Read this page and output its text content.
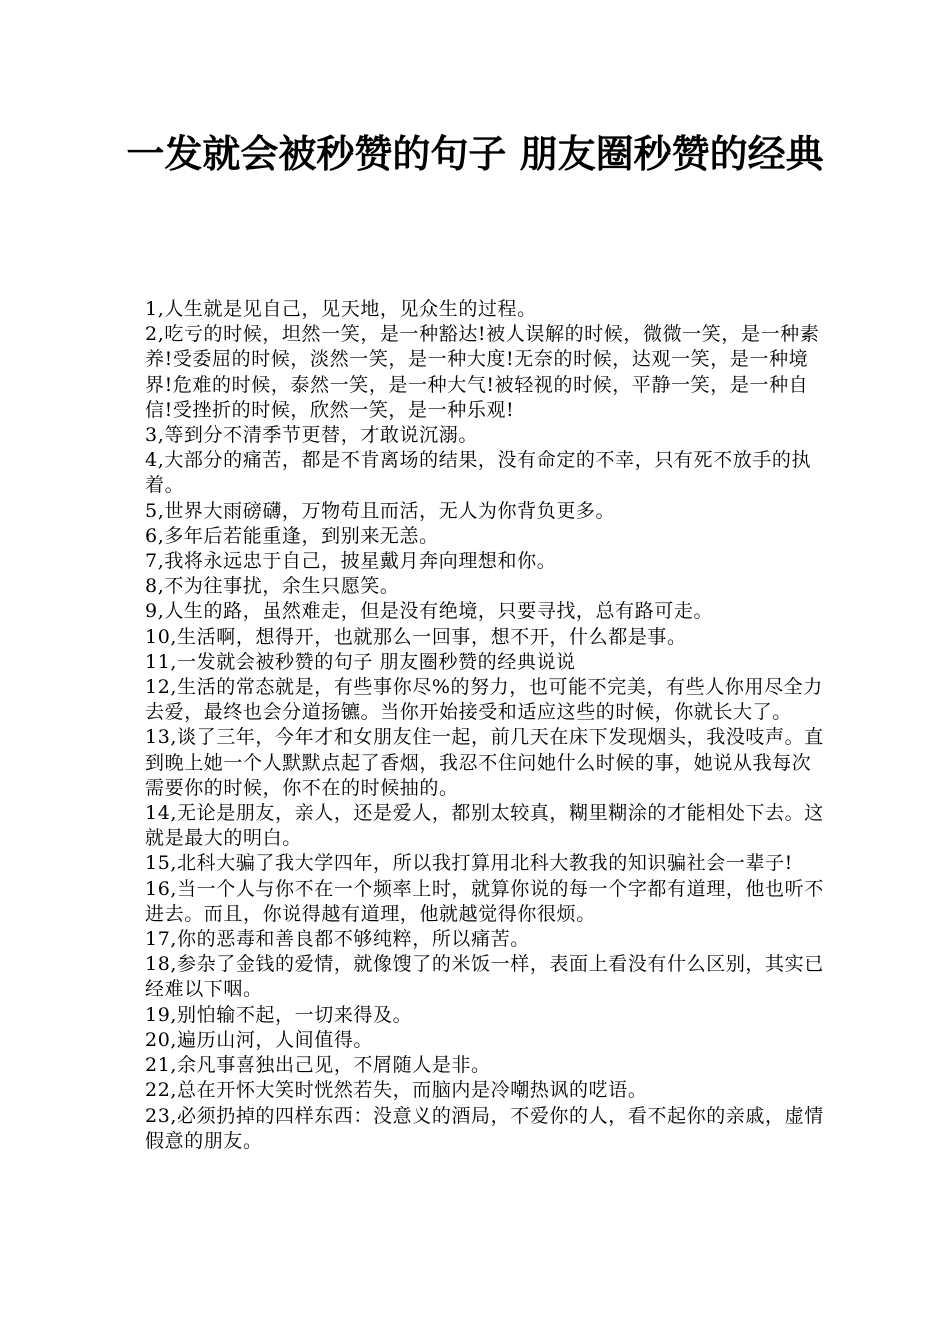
一发就会被秒赞的句子 朋友圈秒赞的经典

1,人生就是见自己，见天地，见众生的过程。

2,吃亏的时候，坦然一笑，是一种豁达!被人误解的时候，微微一笑，是一种素养!受委屈的时候，淡然一笑，是一种大度!无奈的时候，达观一笑，是一种境界!危难的时候，泰然一笑，是一种大气!被轻视的时候，平静一笑，是一种自信!受挫折的时候，欣然一笑，是一种乐观!

3,等到分不清季节更替，才敢说沉溺。

4,大部分的痛苦，都是不肯离场的结果，没有命定的不幸，只有死不放手的执着。

5,世界大雨磅礴，万物苟且而活，无人为你背负更多。

6,多年后若能重逢，到别来无恙。

7,我将永远忠于自己，披星戴月奔向理想和你。

8,不为往事扰，余生只愿笑。

9,人生的路，虽然难走，但是没有绝境，只要寻找，总有路可走。

10,生活啊，想得开，也就那么一回事，想不开，什么都是事。

11,一发就会被秒赞的句子 朋友圈秒赞的经典说说

12,生活的常态就是，有些事你尽%的努力，也可能不完美，有些人你用尽全力去爱，最终也会分道扬镳。当你开始接受和适应这些的时候，你就长大了。

13,谈了三年，今年才和女朋友住一起，前几天在床下发现烟头，我没吱声。直到晚上她一个人默默点起了香烟，我忍不住问她什么时候的事，她说从我每次需要你的时候，你不在的时候抽的。

14,无论是朋友，亲人，还是爱人，都别太较真，糊里糊涂的才能相处下去。这就是最大的明白。

15,北科大骗了我大学四年，所以我打算用北科大教我的知识骗社会一辈子!

16,当一个人与你不在一个频率上时，就算你说的每一个字都有道理，他也听不进去。而且，你说得越有道理，他就越觉得你很烦。

17,你的恶毒和善良都不够纯粹，所以痛苦。

18,参杂了金钱的爱情，就像馊了的米饭一样，表面上看没有什么区别，其实已经难以下咽。

19,别怕输不起，一切来得及。

20,遍历山河，人间值得。

21,余凡事喜独出己见，不屑随人是非。

22,总在开怀大笑时恍然若失，而脑内是冷嘲热讽的呓语。

23,必须扔掉的四样东西：没意义的酒局，不爱你的人，看不起你的亲戚，虚情假意的朋友。
